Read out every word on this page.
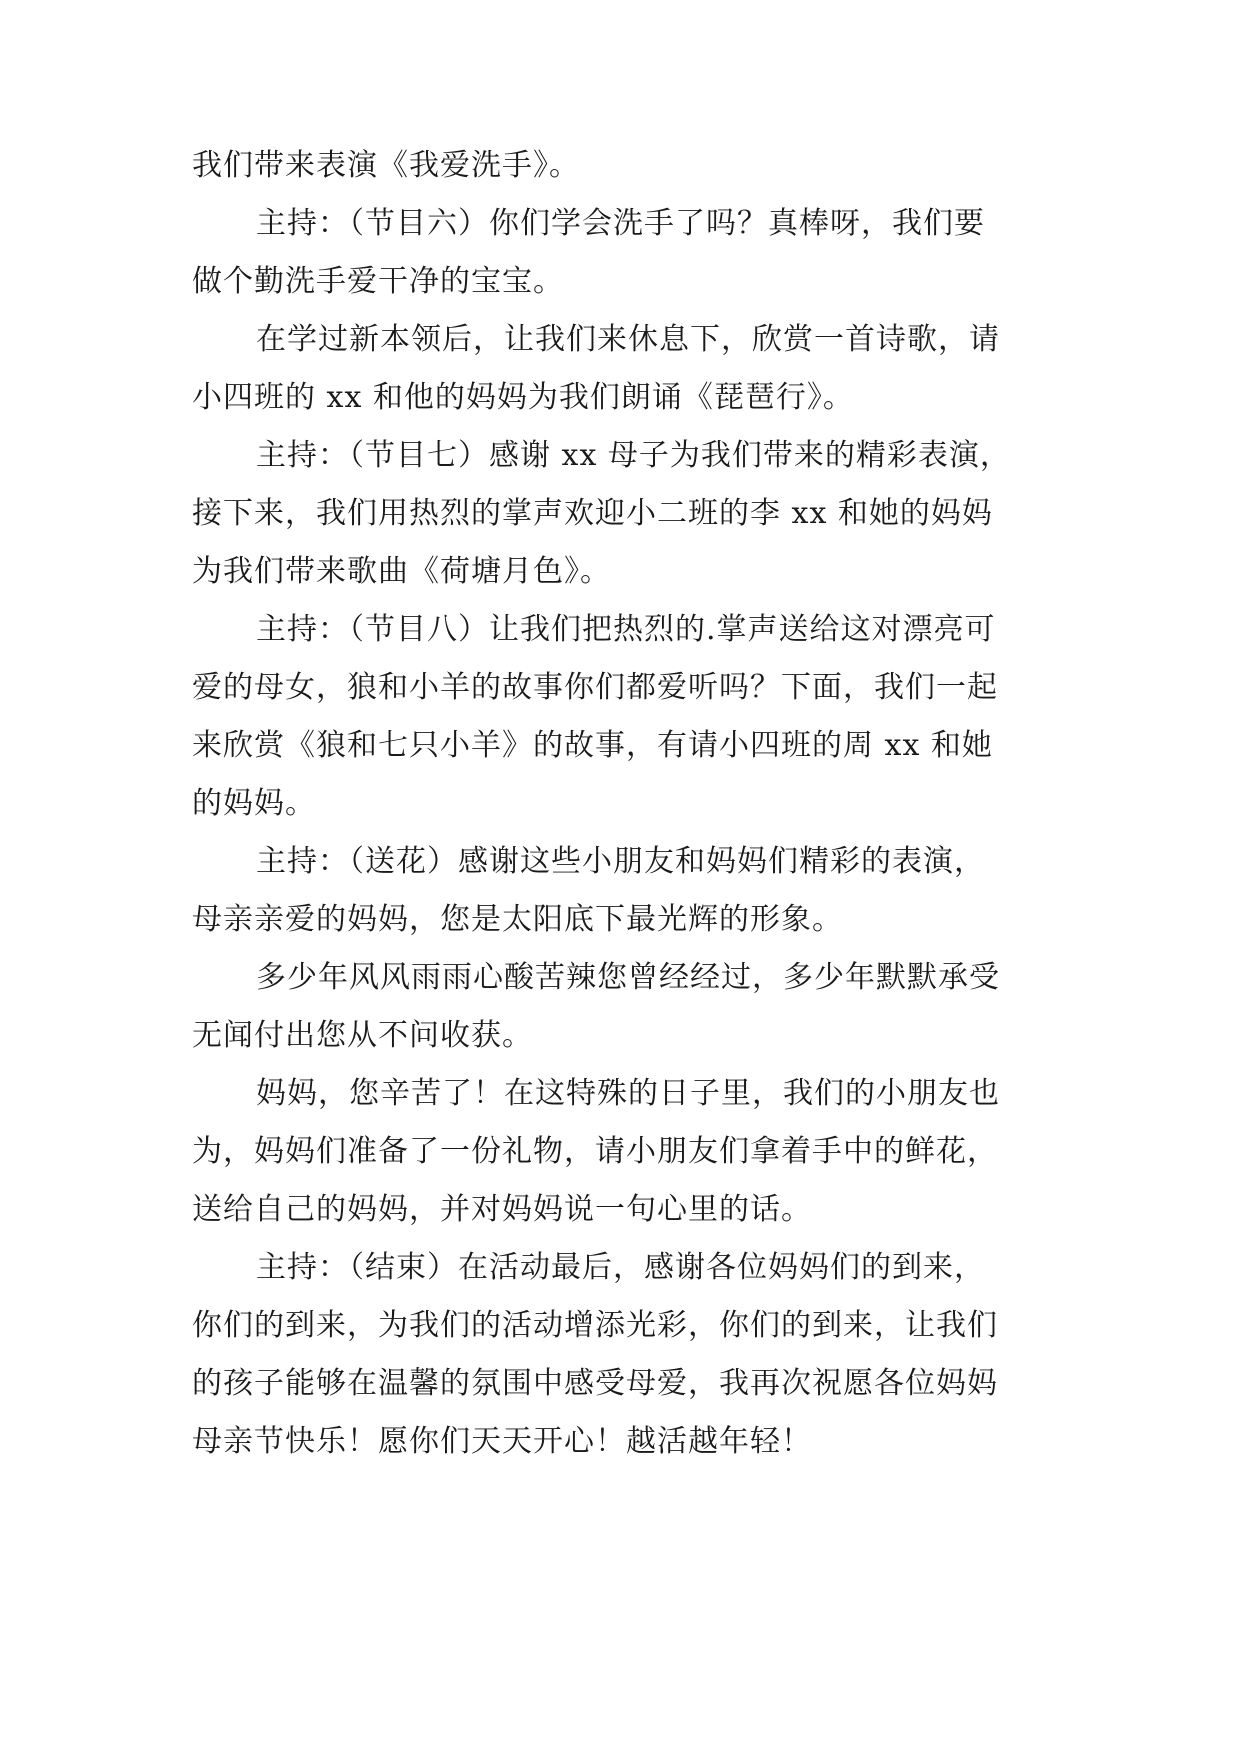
我们带来表演《我爱洗手》。
主持：（节目六）你们学会洗手了吗？真棒呀，我们要
做个勤洗手爱干净的宝宝。
在学过新本领后，让我们来休息下，欣赏一首诗歌，请
小四班的 xx 和他的妈妈为我们朗诵《琵琶行》。
主持：（节目七）感谢 xx 母子为我们带来的精彩表演，
接下来，我们用热烈的掌声欢迎小二班的李 xx 和她的妈妈
为我们带来歌曲《荷塘月色》。
主持：（节目八）让我们把热烈的.掌声送给这对漂亮可
爱的母女，狼和小羊的故事你们都爱听吗？下面，我们一起
来欣赏《狼和七只小羊》的故事，有请小四班的周 xx 和她
的妈妈。
主持：（送花）感谢这些小朋友和妈妈们精彩的表演，
母亲亲爱的妈妈，您是太阳底下最光辉的形象。
多少年风风雨雨心酸苦辣您曾经经过，多少年默默承受
无闻付出您从不问收获。
妈妈，您辛苦了！在这特殊的日子里，我们的小朋友也
为，妈妈们准备了一份礼物，请小朋友们拿着手中的鲜花，
送给自己的妈妈，并对妈妈说一句心里的话。
主持：（结束）在活动最后，感谢各位妈妈们的到来，
你们的到来，为我们的活动增添光彩，你们的到来，让我们
的孩子能够在温馨的氛围中感受母爱，我再次祝愿各位妈妈
母亲节快乐！愿你们天天开心！越活越年轻！
